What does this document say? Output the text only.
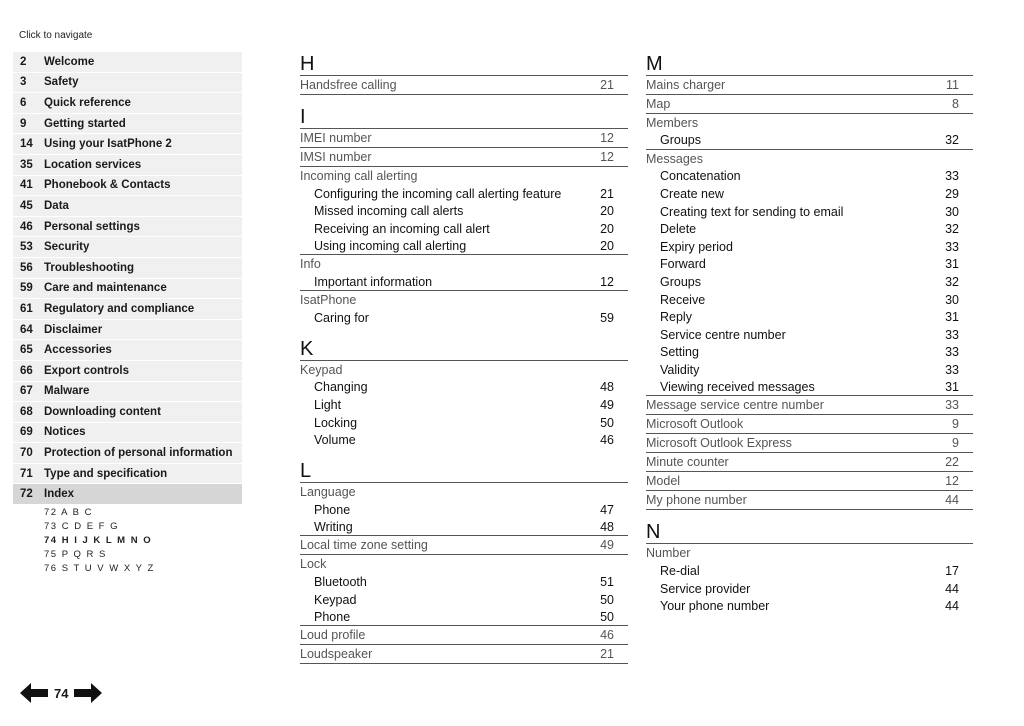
Click to navigate
2	Welcome
3	Safety
6	Quick reference
9	Getting started
14 Using your IsatPhone 2
35 Location services
41 Phonebook & Contacts
45 Data
46 Personal settings
53 Security
56 Troubleshooting
59 Care and maintenance
61 Regulatory and compliance
64 Disclaimer
65 Accessories
66 Export controls
67 Malware
68 Downloading content
69 Notices
70 Protection of personal information
71 Type and specification
72 Index
72 A B C
73 C D E F G
74 H I J K L M N O
75 P Q R S
76 S T U V W X Y Z
74
H
Handsfree calling	21
I
IMEI number	12
IMSI number	12
Incoming call alerting
Configuring the incoming call alerting feature	21
Missed incoming call alerts	20
Receiving an incoming call alert	20
Using incoming call alerting	20
Info
Important information	12
IsatPhone
Caring for	59
K
Keypad
Changing	48
Light	49
Locking	50
Volume	46
L
Language
Phone	47
Writing	48
Local time zone setting	49
Lock
Bluetooth	51
Keypad	50
Phone	50
Loud profile	46
Loudspeaker	21
M
Mains charger	11
Map	8
Members
Groups	32
Messages
Concatenation	33
Create new	29
Creating text for sending to email	30
Delete	32
Expiry period	33
Forward	31
Groups	32
Receive	30
Reply	31
Service centre number	33
Setting	33
Validity	33
Viewing received messages	31
Message service centre number	33
Microsoft Outlook	9
Microsoft Outlook Express	9
Minute counter	22
Model	12
My phone number	44
N
Number
Re-dial	17
Service provider	44
Your phone number	44
